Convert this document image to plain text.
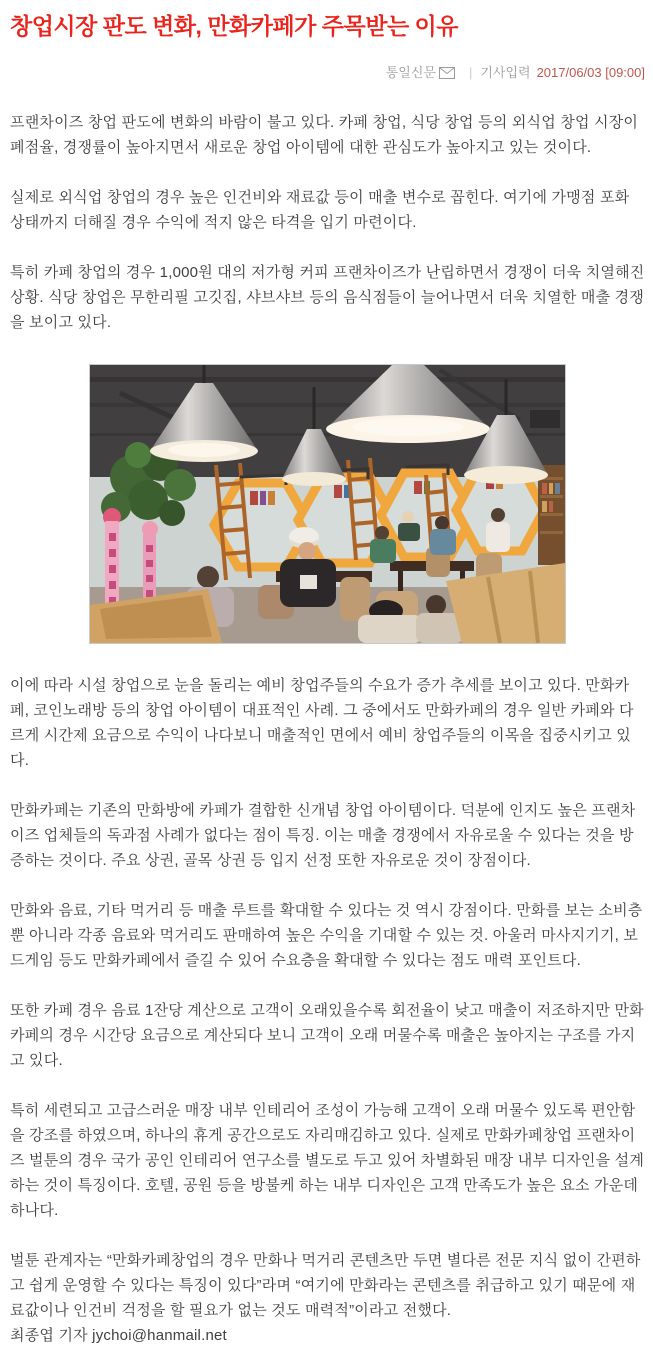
창업시장 판도 변화, 만화카페가 주목받는 이유
통일신문	| 기사입력 2017/06/03 [09:00]

프랜차이즈 창업 판도에 변화의 바람이 불고 있다. 카페 창업, 식당 창업 등의 외식업 창업 시장이 폐점율, 경쟁률이 높아지면서 새로운 창업 아이템에 대한 관심도가 높아지고 있는 것이다.

실제로 외식업 창업의 경우 높은 인건비와 재료값 등이 매출 변수로 꼽힌다. 여기에 가맹점 포화 상태까지 더해질 경우 수익에 적지 않은 타격을 입기 마련이다.

특히 카페 창업의 경우 1,000원 대의 저가형 커피 프랜차이즈가 난립하면서 경쟁이 더욱 치열해진 상황. 식당 창업은 무한리필 고깃집, 샤브샤브 등의 음식점들이 늘어나면서 더욱 치열한 매출 경쟁을 보이고 있다.

이에 따라 시설 창업으로 눈을 돌리는 예비 창업주들의 수요가 증가 추세를 보이고 있다. 만화카페, 코인노래방 등의 창업 아이템이 대표적인 사례. 그 중에서도 만화카페의 경우 일반 카페와 다르게 시간제 요금으로 수익이 나다보니 매출적인 면에서 예비 창업주들의 이목을 집중시키고 있다.

만화카페는 기존의 만화방에 카페가 결합한 신개념 창업 아이템이다. 덕분에 인지도 높은 프랜차이즈 업체들의 독과점 사례가 없다는 점이 특징. 이는 매출 경쟁에서 자유로울 수 있다는 것을 방증하는 것이다. 주요 상권, 골목 상권 등 입지 선정 또한 자유로운 것이 장점이다.

만화와 음료, 기타 먹거리 등 매출 루트를 확대할 수 있다는 것 역시 강점이다. 만화를 보는 소비층 뿐 아니라 각종 음료와 먹거리도 판매하여 높은 수익을 기대할 수 있는 것. 아울러 마사지기기, 보드게임 등도 만화카페에서 즐길 수 있어 수요층을 확대할 수 있다는 점도 매력 포인트다.

또한 카페 경우 음료 1잔당 계산으로 고객이 오래있을수록 회전율이 낮고 매출이 저조하지만 만화카페의 경우 시간당 요금으로 계산되다 보니 고객이 오래 머물수록 매출은 높아지는 구조를 가지고 있다.

특히 세련되고 고급스러운 매장 내부 인테리어 조성이 가능해 고객이 오래 머물수 있도록 편안함을 강조를 하였으며, 하나의 휴게 공간으로도 자리매김하고 있다. 실제로 만화카페창업 프랜차이즈 벌툰의 경우 국가 공인 인테리어 연구소를 별도로 두고 있어 차별화된 매장 내부 디자인을 설계하는 것이 특징이다. 호텔, 공원 등을 방불케 하는 내부 디자인은 고객 만족도가 높은 요소 가운데 하나다.

벌툰 관계자는 “만화카페창업의 경우 만화나 먹거리 콘텐츠만 두면 별다른 전문 지식 없이 간편하고 쉽게 운영할 수 있다는 특징이 있다”라며 “여기에 만화라는 콘텐츠를 취급하고 있기 때문에 재료값이나 인건비 걱정을 할 필요가 없는 것도 매력적”이라고 전했다.

최종엽 기자 jychoi@hanmail.net
